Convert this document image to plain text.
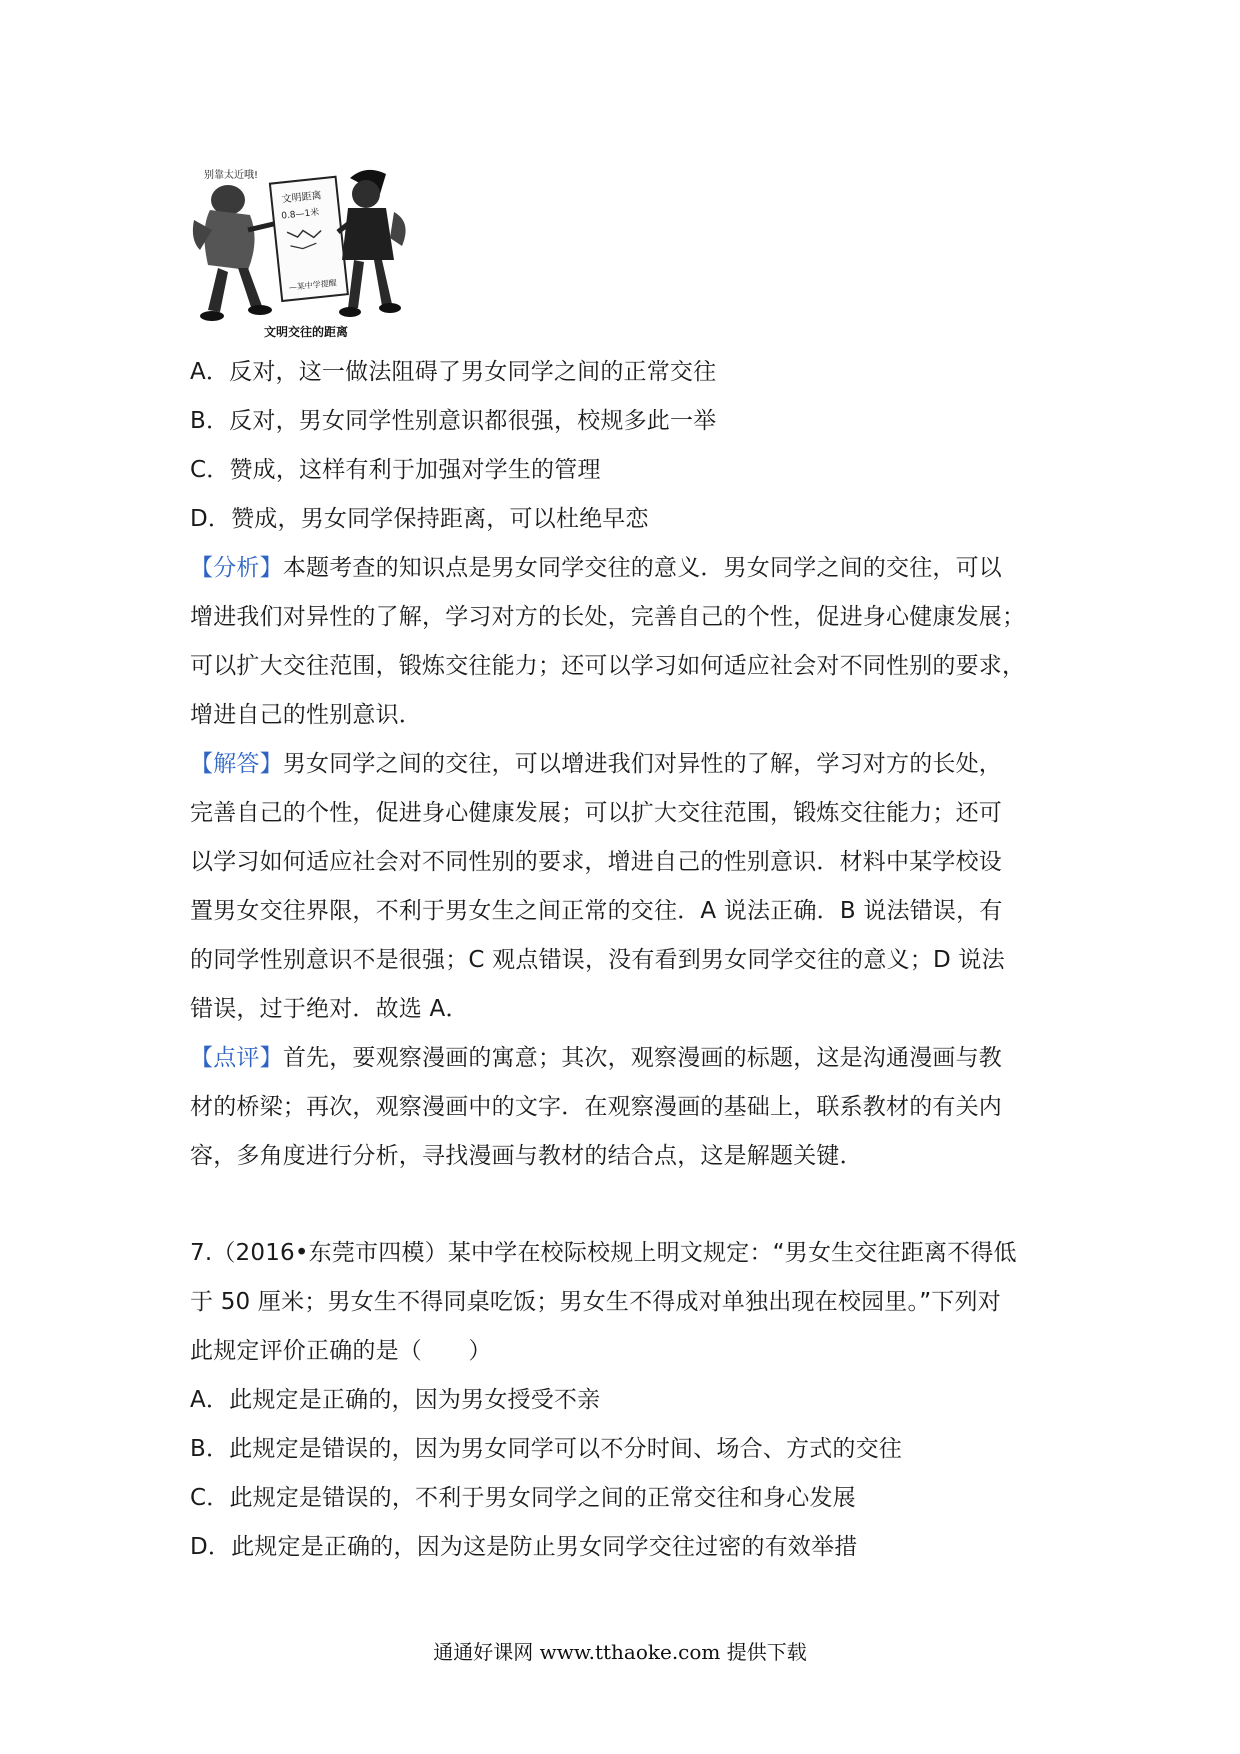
别靠太近哦!
文明距离
0.8—1米
—某中学提醒
文明交往的距离
A．反对，这一做法阻碍了男女同学之间的正常交往
B．反对，男女同学性别意识都很强，校规多此一举
C．赞成，这样有利于加强对学生的管理
D．赞成，男女同学保持距离，可以杜绝早恋
【分析】本题考查的知识点是男女同学交往的意义．男女同学之间的交往，可以
增进我们对异性的了解，学习对方的长处，完善自己的个性，促进身心健康发展；
可以扩大交往范围，锻炼交往能力；还可以学习如何适应社会对不同性别的要求，
增进自己的性别意识．
【解答】男女同学之间的交往，可以增进我们对异性的了解，学习对方的长处，
完善自己的个性，促进身心健康发展；可以扩大交往范围，锻炼交往能力；还可
以学习如何适应社会对不同性别的要求，增进自己的性别意识．材料中某学校设
置男女交往界限，不利于男女生之间正常的交往．A 说法正确．B 说法错误，有
的同学性别意识不是很强；C 观点错误，没有看到男女同学交往的意义；D 说法
错误，过于绝对．故选 A．
【点评】首先，要观察漫画的寓意；其次，观察漫画的标题，这是沟通漫画与教
材的桥梁；再次，观察漫画中的文字．在观察漫画的基础上，联系教材的有关内
容，多角度进行分析，寻找漫画与教材的结合点，这是解题关键．
7.（2016•东莞市四模）某中学在校际校规上明文规定：“男女生交往距离不得低
于 50 厘米；男女生不得同桌吃饭；男女生不得成对单独出现在校园里。”下列对
此规定评价正确的是（　　）
A．此规定是正确的，因为男女授受不亲
B．此规定是错误的，因为男女同学可以不分时间、场合、方式的交往
C．此规定是错误的，不利于男女同学之间的正常交往和身心发展
D．此规定是正确的，因为这是防止男女同学交往过密的有效举措
通通好课网 www.tthaoke.com 提供下载
